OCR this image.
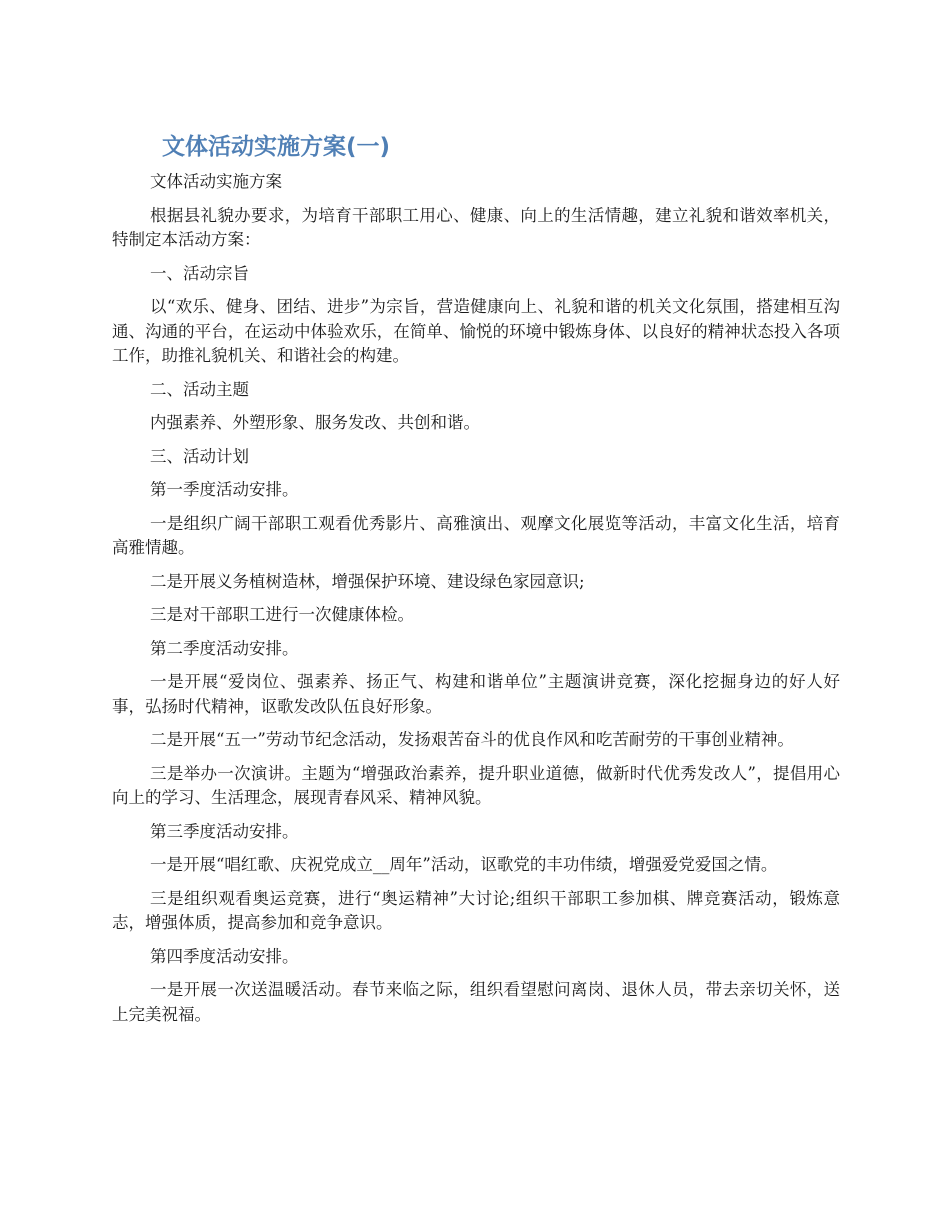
文体活动实施方案(一)

文体活动实施方案

根据县礼貌办要求，为培育干部职工用心、健康、向上的生活情趣，建立礼貌和谐效率机关，特制定本活动方案：

一、活动宗旨

以“欢乐、健身、团结、进步”为宗旨，营造健康向上、礼貌和谐的机关文化氛围，搭建相互沟通、沟通的平台，在运动中体验欢乐，在简单、愉悦的环境中锻炼身体、以良好的精神状态投入各项工作，助推礼貌机关、和谐社会的构建。

二、活动主题

内强素养、外塑形象、服务发改、共创和谐。

三、活动计划

第一季度活动安排。

一是组织广阔干部职工观看优秀影片、高雅演出、观摩文化展览等活动，丰富文化生活，培育高雅情趣。

二是开展义务植树造林，增强保护环境、建设绿色家园意识;

三是对干部职工进行一次健康体检。

第二季度活动安排。

一是开展“爱岗位、强素养、扬正气、构建和谐单位”主题演讲竞赛，深化挖掘身边的好人好事，弘扬时代精神，讴歌发改队伍良好形象。

二是开展“五一”劳动节纪念活动，发扬艰苦奋斗的优良作风和吃苦耐劳的干事创业精神。

三是举办一次演讲。主题为“增强政治素养，提升职业道德，做新时代优秀发改人”，提倡用心向上的学习、生活理念，展现青春风采、精神风貌。

第三季度活动安排。

一是开展“唱红歌、庆祝党成立__周年”活动，讴歌党的丰功伟绩，增强爱党爱国之情。

三是组织观看奥运竞赛，进行“奥运精神”大讨论;组织干部职工参加棋、牌竞赛活动，锻炼意志，增强体质，提高参加和竞争意识。

第四季度活动安排。

一是开展一次送温暖活动。春节来临之际，组织看望慰问离岗、退休人员，带去亲切关怀，送上完美祝福。
